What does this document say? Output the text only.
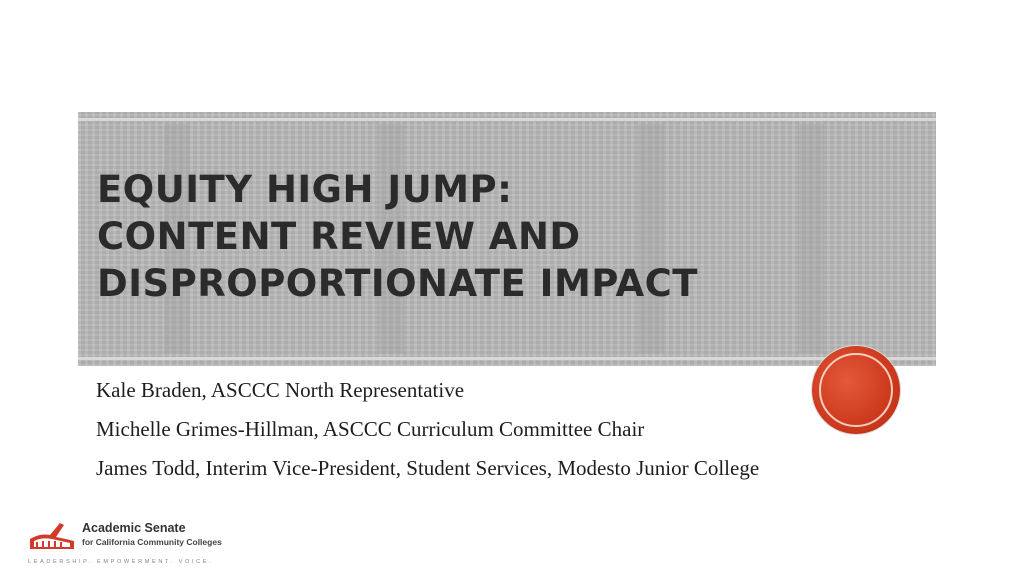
EQUITY HIGH JUMP:
CONTENT REVIEW AND
DISPROPORTIONATE IMPACT
Kale Braden, ASCCC North Representative
Michelle Grimes-Hillman, ASCCC Curriculum Committee Chair
James Todd, Interim Vice-President, Student Services, Modesto Junior College
Academic Senate
for California Community Colleges
LEADERSHIP. EMPOWERMENT. VOICE.
